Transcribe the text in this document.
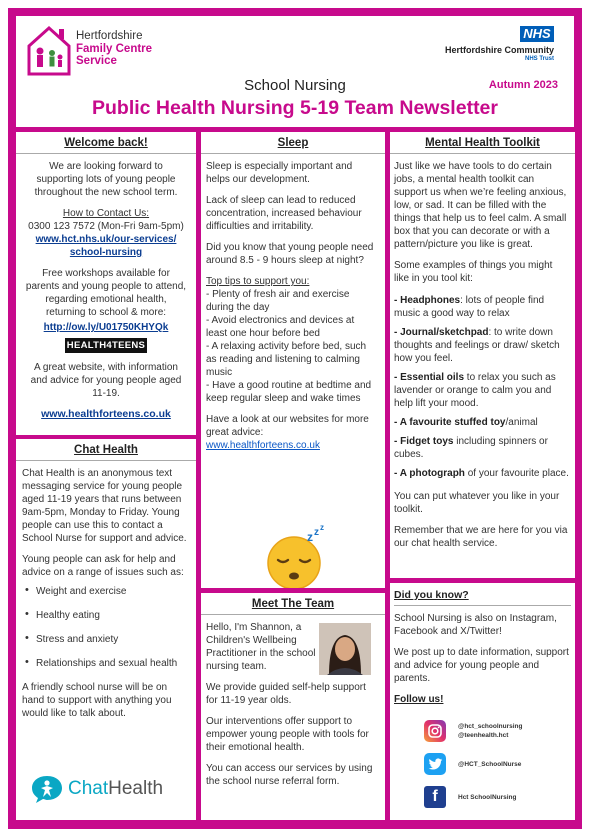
Hertfordshire
Family Centre
Service
NHS
Hertfordshire Community
NHS Trust
School Nursing	Autumn 2023
Public Health Nursing 5-19 Team Newsletter
Welcome back!

We are looking forward to supporting lots of young people throughout the new school term.

How to Contact Us:
0300 123 7572 (Mon-Fri 9am-5pm)
www.hct.nhs.uk/our-services/
school-nursing
Free workshops available for parents and young people to attend, regarding emotional health, returning to school & more:
http://ow.ly/U01750KHYQk
HEALTH4TEENS

A great website, with information and advice for young people aged 11-19.

www.healthforteens.co.uk
Chat Health

Chat Health is an anonymous text messaging service for young people aged 11-19 years that runs between 9am-5pm, Monday to Friday. Young people can use this to contact a School Nurse for support and advice.

Young people can ask for help and advice on a range of issues such as:

• Weight and exercise
• Healthy eating
• Stress and anxiety
• Relationships and sexual health

A friendly school nurse will be on hand to support with anything you would like to talk about.

ChatHealth
Sleep

Sleep is especially important and helps our development.

Lack of sleep can lead to reduced concentration, increased behaviour difficulties and irritability.

Did you know that young people need around 8.5 - 9 hours sleep at night?

Top tips to support you:
- Plenty of fresh air and exercise during the day
- Avoid electronics and devices at least one hour before bed
- A relaxing activity before bed, such as reading and listening to calming music
- Have a good routine at bedtime and keep regular sleep and wake times
Have a look at our websites for more great advice:
www.healthforteens.co.uk
z z z
Meet The Team

Hello, I'm Shannon, a Children's Wellbeing Practitioner in the school nursing team.

We provide guided self-help support for 11-19 year olds.

Our interventions offer support to empower young people with tools for their emotional health.

You can access our services by using the school nurse referral form.

Mental Health Toolkit

Just like we have tools to do certain jobs, a mental health toolkit can support us when we’re feeling anxious, low, or sad. It can be filled with the things that help us to feel calm. A small box that you can decorate or with a pattern/picture you like is great.

Some examples of things you might like in you tool kit:

- Headphones: lots of people find music a good way to relax

- Journal/sketchpad: to write down thoughts and feelings or draw/ sketch how you feel.

- Essential oils to relax you such as lavender or orange to calm you and help lift your mood.

- A favourite stuffed toy/animal

- Fidget toys including spinners or cubes.

- A photograph of your favourite place.

You can put whatever you like in your toolkit.

Remember that we are here for you via our chat health service.

Did you know?

School Nursing is also on Instagram, Facebook and X/Twitter!

We post up to date information, support and advice for young people and parents.

Follow us!
@hct_schoolnursing
@teenhealth.hct
@HCT_SchoolNurse
f	Hct SchoolNursing
